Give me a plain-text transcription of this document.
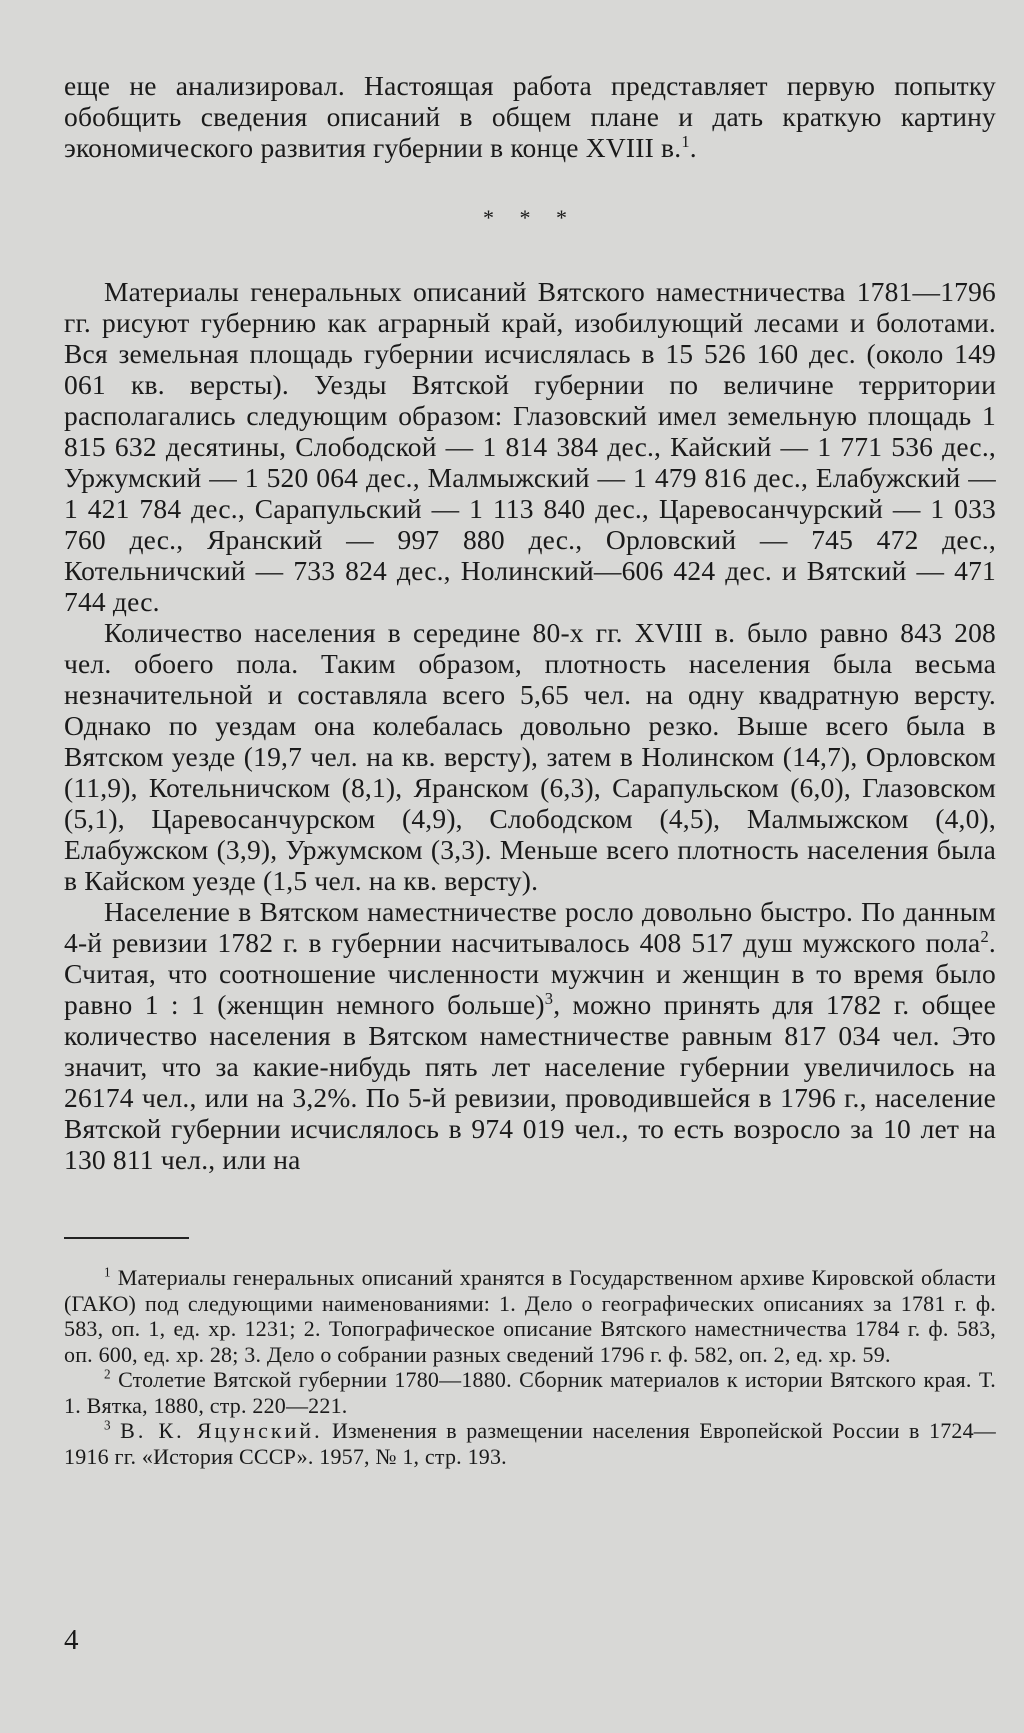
еще не анализировал. Настоящая работа представляет первую попытку обобщить сведения описаний в общем плане и дать краткую картину экономического развития губернии в конце XVIII в.$^1$.

* * *

Материалы генеральных описаний Вятского наместничества 1781—1796 гг. рисуют губернию как аграрный край, изобилующий лесами и болотами. Вся земельная площадь губернии исчислялась в 15 526 160 дес. (около 149 061 кв. версты). Уезды Вятской губернии по величине территории располагались следующим образом: Глазовский имел земельную площадь 1 815 632 десятины, Слободской — 1 814 384 дес., Кайский — 1 771 536 дес., Уржумский — 1 520 064 дес., Малмыжский — 1 479 816 дес., Елабужский — 1 421 784 дес., Сарапульский — 1 113 840 дес., Царевосанчурский — 1 033 760 дес., Яранский — 997 880 дес., Орловский — 745 472 дес., Котельничский — 733 824 дес., Нолинский—606 424 дес. и Вятский — 471 744 дес.

Количество населения в середине 80-х гг. XVIII в. было равно 843 208 чел. обоего пола. Таким образом, плотность населения была весьма незначительной и составляла всего 5,65 чел. на одну квадратную версту. Однако по уездам она колебалась довольно резко. Выше всего была в Вятском уезде (19,7 чел. на кв. версту), затем в Нолинском (14,7), Орловском (11,9), Котельничском (8,1), Яранском (6,3), Сарапульском (6,0), Глазовском (5,1), Царевосанчурском (4,9), Слободском (4,5), Малмыжском (4,0), Елабужском (3,9), Уржумском (3,3). Меньше всего плотность населения была в Кайском уезде (1,5 чел. на кв. версту).

Население в Вятском наместничестве росло довольно быстро. По данным 4-й ревизии 1782 г. в губернии насчитывалось 408 517 душ мужского пола$^2$. Считая, что соотношение численности мужчин и женщин в то время было равно 1 : 1 (женщин немного больше)$^3$, можно принять для 1782 г. общее количество населения в Вятском наместничестве равным 817 034 чел. Это значит, что за какие-нибудь пять лет население губернии увеличилось на 26174 чел., или на 3,2%. По 5-й ревизии, проводившейся в 1796 г., население Вятской губернии исчислялось в 974 019 чел., то есть возросло за 10 лет на 130 811 чел., или на

$^1$ Материалы генеральных описаний хранятся в Государственном архиве Кировской области (ГАКО) под следующими наименованиями: 1. Дело о географических описаниях за 1781 г. ф. 583, оп. 1, ед. хр. 1231; 2. Топографическое описание Вятского наместничества 1784 г. ф. 583, оп. 600, ед. хр. 28; 3. Дело о собрании разных сведений 1796 г. ф. 582, оп. 2, ед. хр. 59.

$^2$ Столетие Вятской губернии 1780—1880. Сборник материалов к истории Вятского края. Т. 1. Вятка, 1880, стр. 220—221.

$^3$ В. К. Яцунский. Изменения в размещении населения Европейской России в 1724—1916 гг. «История СССР». 1957, № 1, стр. 193.

4
